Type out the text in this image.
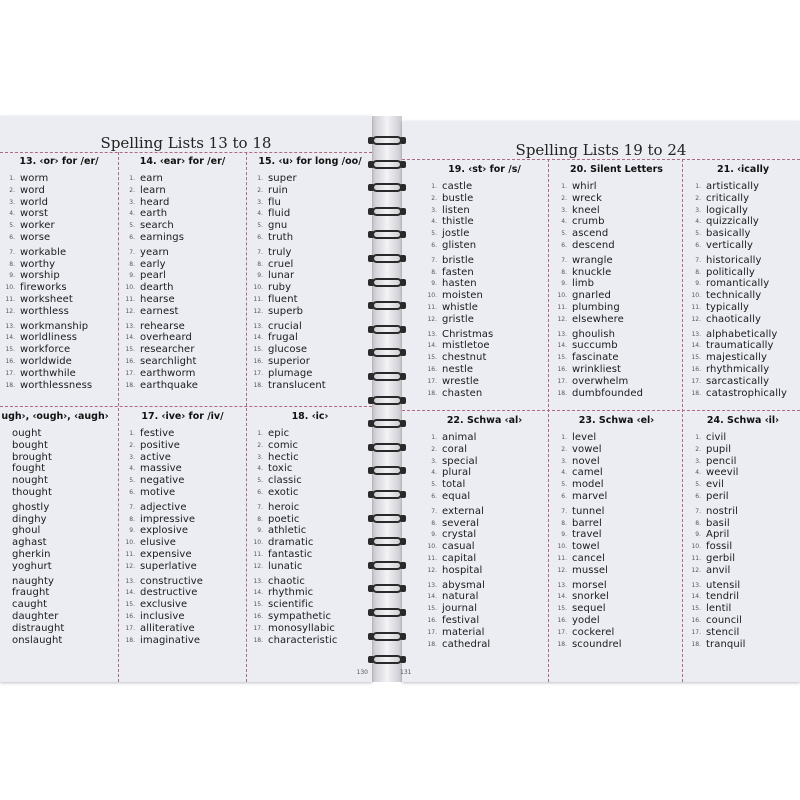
Spelling Lists 13 to 18
13. ‹or› for /er/
1. worm
2. word
3. world
4. worst
5. worker
6. worse
7. workable
8. worthy
9. worship
10. fireworks
11. worksheet
12. worthless
13. workmanship
14. worldliness
15. workforce
16. worldwide
17. worthwhile
18. worthlessness
14. ‹ear› for /er/
1. earn
2. learn
3. heard
4. earth
5. search
6. earnings
7. yearn
8. early
9. pearl
10. dearth
11. hearse
12. earnest
13. rehearse
14. overheard
15. researcher
16. searchlight
17. earthworm
18. earthquake
15. ‹u› for long /oo/
1. super
2. ruin
3. flu
4. fluid
5. gnu
6. truth
7. truly
8. cruel
9. lunar
10. ruby
11. fluent
12. superb
13. crucial
14. frugal
15. glucose
16. superior
17. plumage
18. translucent
ugh›, ‹ough›, ‹augh›
ought
bought
brought
fought
nought
thought
ghostly
dinghy
ghoul
aghast
gherkin
yoghurt
naughty
fraught
caught
daughter
distraught
onslaught
17. ‹ive› for /iv/
1. festive
2. positive
3. active
4. massive
5. negative
6. motive
7. adjective
8. impressive
9. explosive
10. elusive
11. expensive
12. superlative
13. constructive
14. destructive
15. exclusive
16. inclusive
17. alliterative
18. imaginative
18. ‹ic›
1. epic
2. comic
3. hectic
4. toxic
5. classic
6. exotic
7. heroic
8. poetic
9. athletic
10. dramatic
11. fantastic
12. lunatic
13. chaotic
14. rhythmic
15. scientific
16. sympathetic
17. monosyllabic
18. characteristic
130
Spelling Lists 19 to 24
19. ‹st› for /s/
1. castle
2. bustle
3. listen
4. thistle
5. jostle
6. glisten
7. bristle
8. fasten
9. hasten
10. moisten
11. whistle
12. gristle
13. Christmas
14. mistletoe
15. chestnut
16. nestle
17. wrestle
18. chasten
20. Silent Letters
1. whirl
2. wreck
3. kneel
4. crumb
5. ascend
6. descend
7. wrangle
8. knuckle
9. limb
10. gnarled
11. plumbing
12. elsewhere
13. ghoulish
14. succumb
15. fascinate
16. wrinkliest
17. overwhelm
18. dumbfounded
21. ‹ically
1. artistically
2. critically
3. logically
4. quizzically
5. basically
6. vertically
7. historically
8. politically
9. romantically
10. technically
11. typically
12. chaotically
13. alphabetically
14. traumatically
15. majestically
16. rhythmically
17. sarcastically
18. catastrophically
22. Schwa ‹al›
1. animal
2. coral
3. special
4. plural
5. total
6. equal
7. external
8. several
9. crystal
10. casual
11. capital
12. hospital
13. abysmal
14. natural
15. journal
16. festival
17. material
18. cathedral
23. Schwa ‹el›
1. level
2. vowel
3. novel
4. camel
5. model
6. marvel
7. tunnel
8. barrel
9. travel
10. towel
11. cancel
12. mussel
13. morsel
14. snorkel
15. sequel
16. yodel
17. cockerel
18. scoundrel
24. Schwa ‹il›
1. civil
2. pupil
3. pencil
4. weevil
5. evil
6. peril
7. nostril
8. basil
9. April
10. fossil
11. gerbil
12. anvil
13. utensil
14. tendril
15. lentil
16. council
17. stencil
18. tranquil
131
